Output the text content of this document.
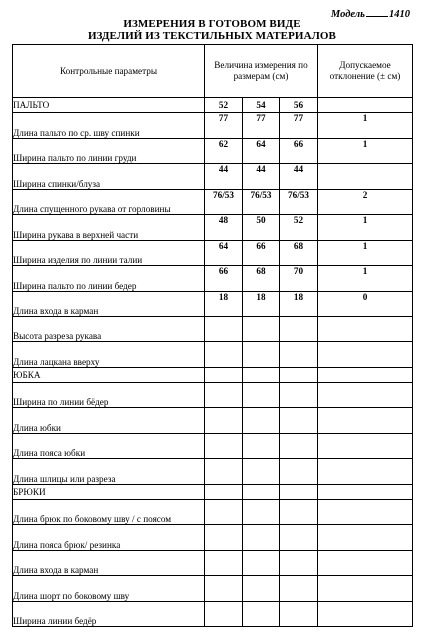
Модель 1410
ИЗМЕРЕНИЯ В ГОТОВОМ ВИДЕ
ИЗДЕЛИЙ ИЗ ТЕКСТИЛЬНЫХ МАТЕРИАЛОВ
Контрольные параметры	Величина измерения по размерам (см)			Допускаемое отклонение (± см)
ПАЛЬТО	52	54	56	
Длина пальто по ср. шву спинки	77	77	77	1
Ширина пальто по линии груди	62	64	66	1
Ширина спинки/блуза	44	44	44	
Длина спущенного рукава от горловины	76/53	76/53	76/53	2
Ширина рукава в верхней части	48	50	52	1
Ширина изделия по линии талии	64	66	68	1
Ширина пальто по линии бедер	66	68	70	1
Длина входа в карман	18	18	18	0
Высота разреза рукава				
Длина лацкана вверху				
ЮБКА				
Ширина по линии бёдер				
Длина юбки				
Длина пояса юбки				
Длина шлицы или разреза				
БРЮКИ				
Длина брюк по боковому шву / с поясом				
Длина пояса брюк/ резинка				
Длина входа в карман				
Длина шорт по боковому шву				
Ширина линии бедёр				
